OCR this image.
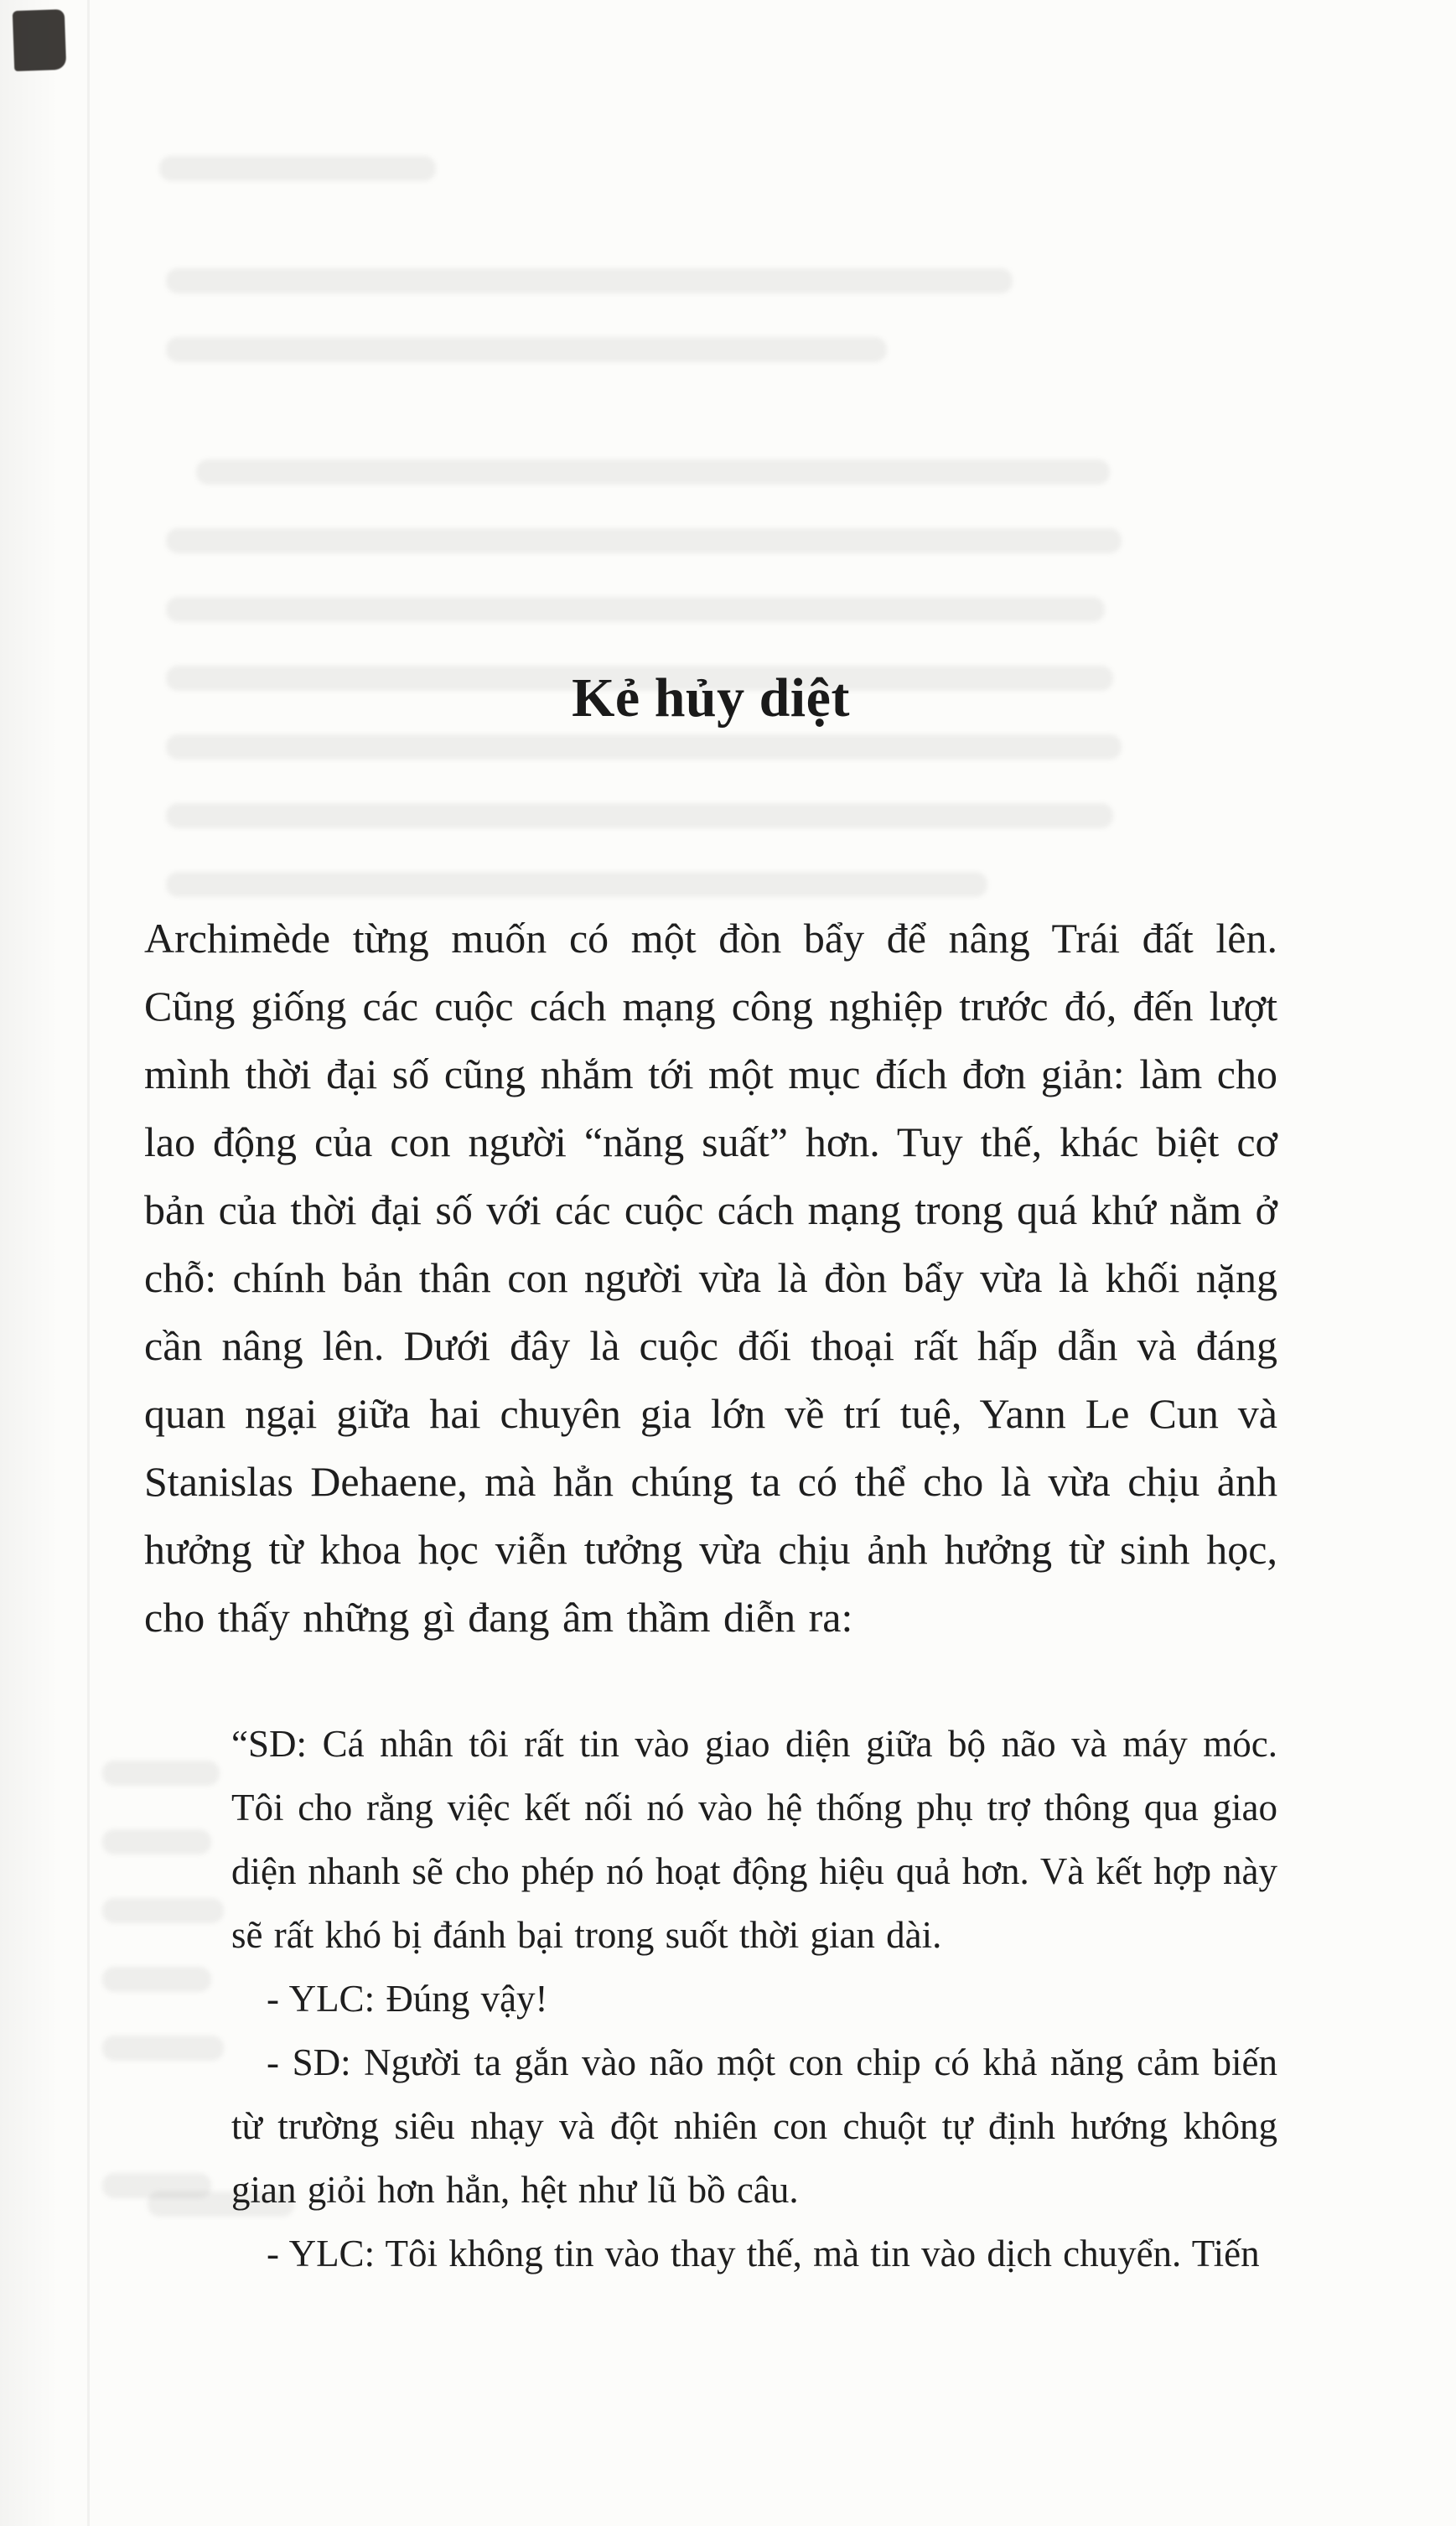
Kẻ hủy diệt

Archimède từng muốn có một đòn bẩy để nâng Trái đất lên. Cũng giống các cuộc cách mạng công nghiệp trước đó, đến lượt mình thời đại số cũng nhắm tới một mục đích đơn giản: làm cho lao động của con người “năng suất” hơn. Tuy thế, khác biệt cơ bản của thời đại số với các cuộc cách mạng trong quá khứ nằm ở chỗ: chính bản thân con người vừa là đòn bẩy vừa là khối nặng cần nâng lên. Dưới đây là cuộc đối thoại rất hấp dẫn và đáng quan ngại giữa hai chuyên gia lớn về trí tuệ, Yann Le Cun và Stanislas Dehaene, mà hẳn chúng ta có thể cho là vừa chịu ảnh hưởng từ khoa học viễn tưởng vừa chịu ảnh hưởng từ sinh học, cho thấy những gì đang âm thầm diễn ra:

“SD: Cá nhân tôi rất tin vào giao diện giữa bộ não và máy móc. Tôi cho rằng việc kết nối nó vào hệ thống phụ trợ thông qua giao diện nhanh sẽ cho phép nó hoạt động hiệu quả hơn. Và kết hợp này sẽ rất khó bị đánh bại trong suốt thời gian dài.

- YLC: Đúng vậy!

- SD: Người ta gắn vào não một con chip có khả năng cảm biến từ trường siêu nhạy và đột nhiên con chuột tự định hướng không gian giỏi hơn hẳn, hệt như lũ bồ câu.

- YLC: Tôi không tin vào thay thế, mà tin vào dịch chuyển. Tiến
